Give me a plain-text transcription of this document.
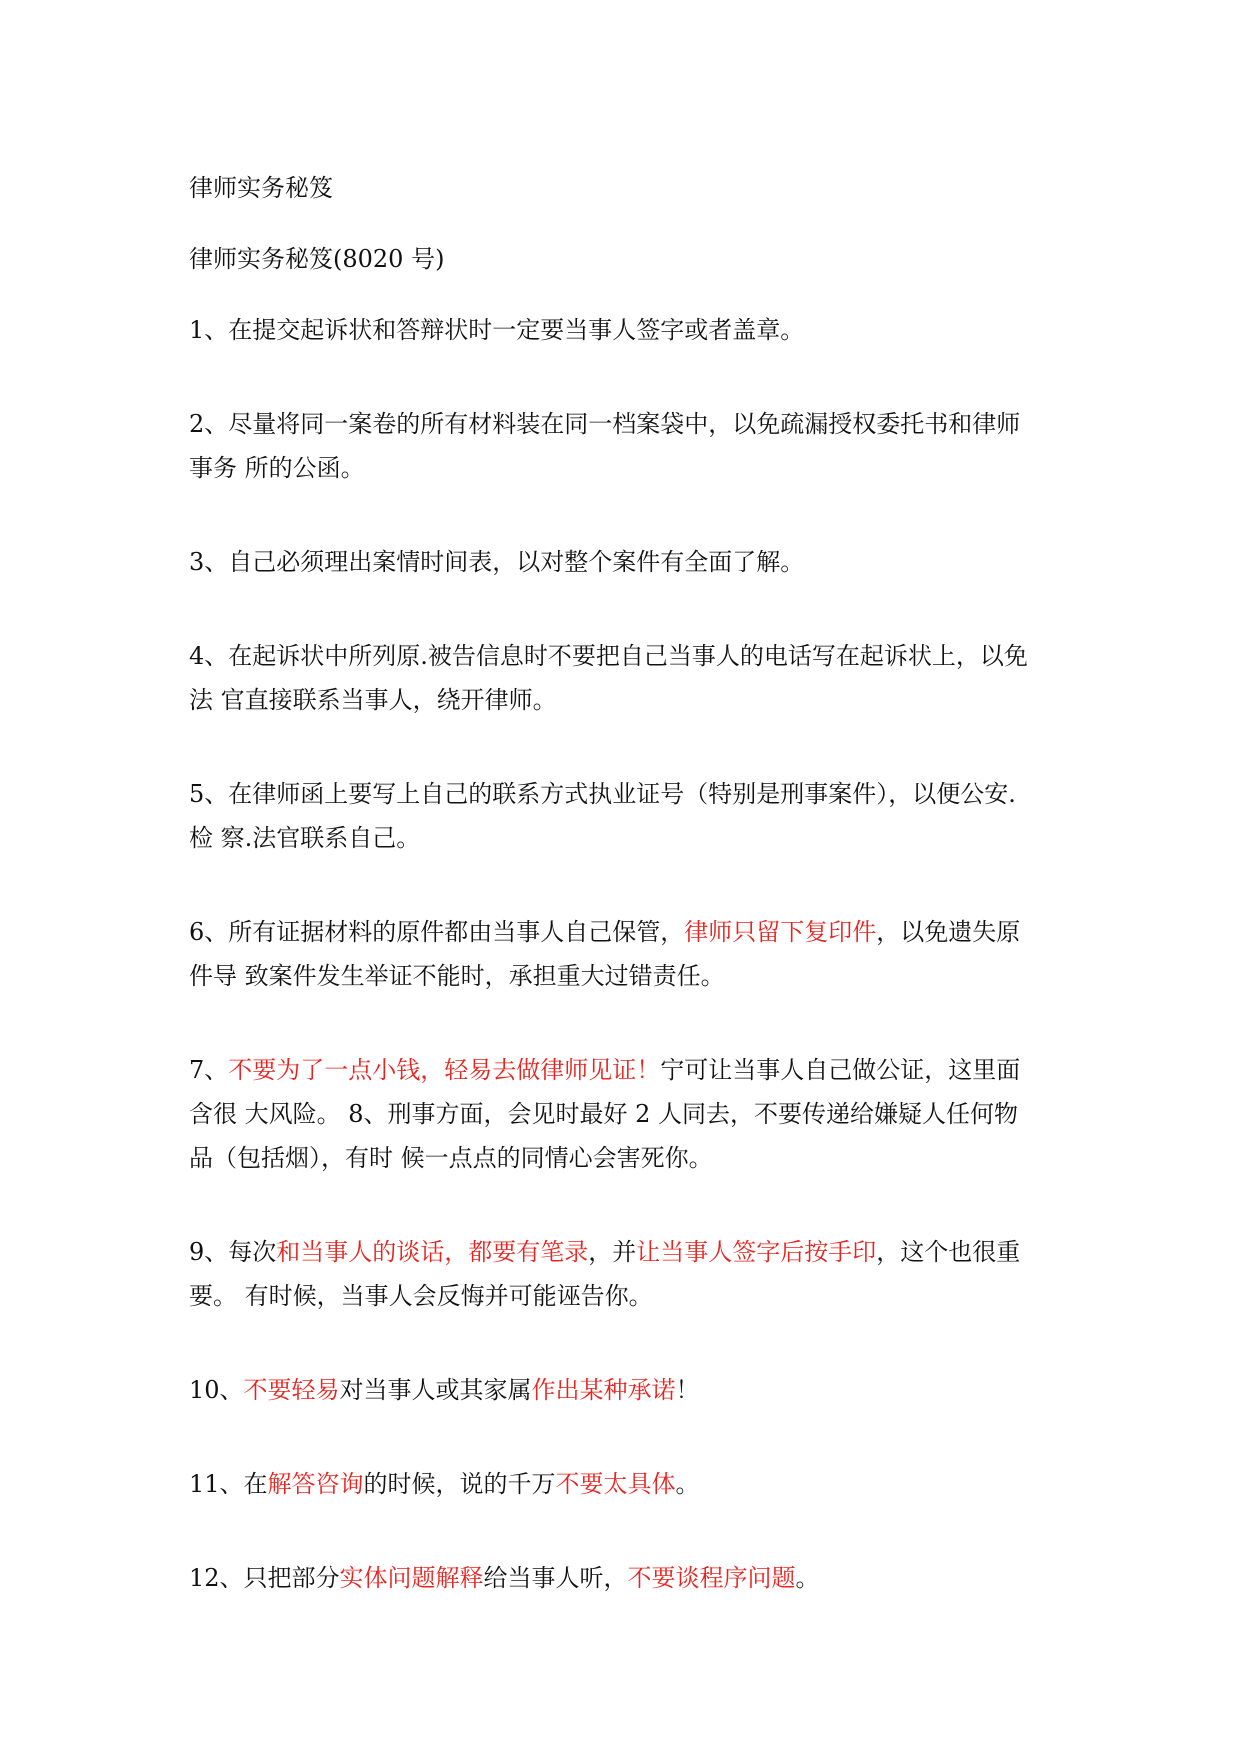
律师实务秘笈
律师实务秘笈(8020 号)
1、在提交起诉状和答辩状时一定要当事人签字或者盖章。
2、尽量将同一案卷的所有材料装在同一档案袋中，以免疏漏授权委托书和律师
事务 所的公函。
3、自己必须理出案情时间表，以对整个案件有全面了解。
4、在起诉状中所列原.被告信息时不要把自己当事人的电话写在起诉状上，以免
法 官直接联系当事人，绕开律师。
5、在律师函上要写上自己的联系方式执业证号（特别是刑事案件），以便公安.
检 察.法官联系自己。
6、所有证据材料的原件都由当事人自己保管，律师只留下复印件，以免遗失原
件导 致案件发生举证不能时，承担重大过错责任。
7、不要为了一点小钱，轻易去做律师见证！宁可让当事人自己做公证，这里面
含很 大风险。 8、刑事方面，会见时最好 2 人同去，不要传递给嫌疑人任何物
品（包括烟），有时 候一点点的同情心会害死你。
9、每次和当事人的谈话，都要有笔录，并让当事人签字后按手印，这个也很重
要。 有时候，当事人会反悔并可能诬告你。
10、不要轻易对当事人或其家属作出某种承诺！
11、在解答咨询的时候，说的千万不要太具体。
12、只把部分实体问题解释给当事人听，不要谈程序问题。
